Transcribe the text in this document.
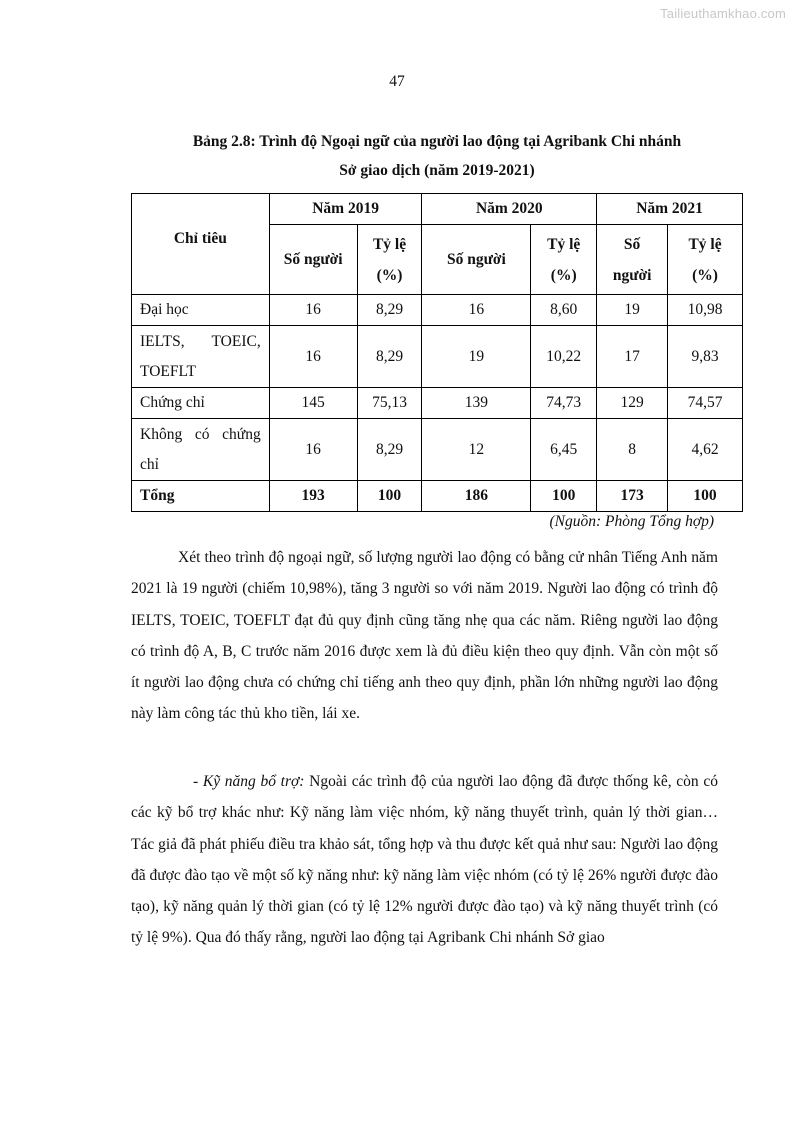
Tailieuthamkhao.com
47
Bảng 2.8: Trình độ Ngoại ngữ của người lao động tại Agribank Chi nhánh
Sở giao dịch (năm 2019-2021)
Chỉ tiêu	Năm 2019		Năm 2020		Năm 2021	
	Số người	Tỷ lệ (%)	Số người	Tỷ lệ (%)	Số người	Tỷ lệ (%)
Đại học	16	8,29	16	8,60	19	10,98
IELTS, TOEIC, TOEFLT	16	8,29	19	10,22	17	9,83
Chứng chỉ	145	75,13	139	74,73	129	74,57
Không có chứng chỉ	16	8,29	12	6,45	8	4,62
Tổng	193	100	186	100	173	100
(Nguồn: Phòng Tổng hợp)

Xét theo trình độ ngoại ngữ, số lượng người lao động có bằng cử nhân Tiếng Anh năm 2021 là 19 người (chiếm 10,98%), tăng 3 người so với năm 2019. Người lao động có trình độ IELTS, TOEIC, TOEFLT đạt đủ quy định cũng tăng nhẹ qua các năm. Riêng người lao động có trình độ A, B, C trước năm 2016 được xem là đủ điều kiện theo quy định. Vẫn còn một số ít người lao động chưa có chứng chỉ tiếng anh theo quy định, phần lớn những người lao động này làm công tác thủ kho tiền, lái xe.

- Kỹ năng bổ trợ: Ngoài các trình độ của người lao động đã được thống kê, còn có các kỹ bổ trợ khác như: Kỹ năng làm việc nhóm, kỹ năng thuyết trình, quản lý thời gian… Tác giả đã phát phiếu điều tra khảo sát, tổng hợp và thu được kết quả như sau: Người lao động đã được đào tạo về một số kỹ năng như: kỹ năng làm việc nhóm (có tỷ lệ 26% người được đào tạo), kỹ năng quản lý thời gian (có tỷ lệ 12% người được đào tạo) và kỹ năng thuyết trình (có tỷ lệ 9%). Qua đó thấy rằng, người lao động tại Agribank Chi nhánh Sở giao
